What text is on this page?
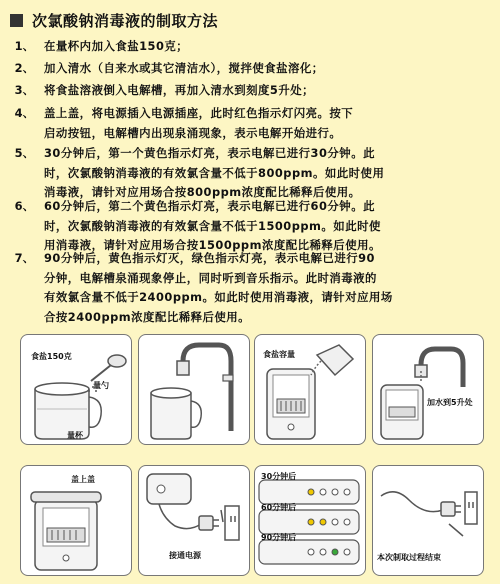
次氯酸钠消毒液的制取方法
1、 在量杯内加入食盐150克；
2、 加入清水（自来水或其它清洁水），搅拌使食盐溶化；
3、 将食盐溶液倒入电解槽，再加入清水到刻度5升处；
4、 盖上盖，将电源插入电源插座，此时红色指示灯闪亮。按下
启动按钮，电解槽内出现泉涌现象，表示电解开始进行。
5、 30分钟后，第一个黄色指示灯亮，表示电解已进行30分钟。此
时，次氯酸钠消毒液的有效氯含量不低于800ppm。如此时使用
消毒液，请针对应用场合按800ppm浓度配比稀释后使用。
6、 60分钟后，第二个黄色指示灯亮，表示电解已进行60分钟。此
时，次氯酸钠消毒液的有效氯含量不低于1500ppm。如此时使
用消毒液，请针对应用场合按1500ppm浓度配比稀释后使用。
7、 90分钟后，黄色指示灯灭，绿色指示灯亮，表示电解已进行90
分钟，电解槽泉涌现象停止，同时听到音乐指示。此时消毒液的
有效氯含量不低于2400ppm。如此时使用消毒液，请针对应用场
合按2400ppm浓度配比稀释后使用。
食盐150克
量勺
量杯
食盐容量
加水到5升处
盖上盖
接通电源
30分钟后
60分钟后
90分钟后
本次制取过程结束
